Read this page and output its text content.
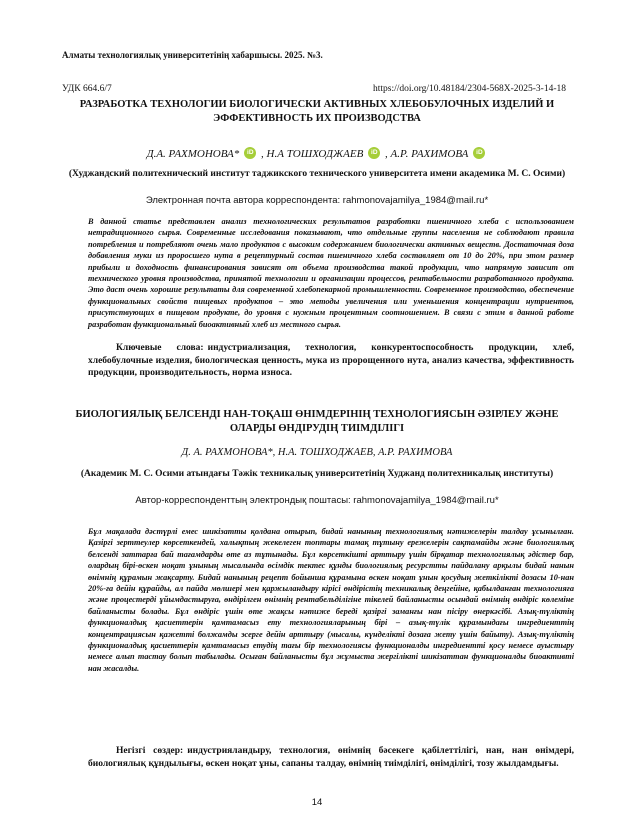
Алматы технологиялық университетінің хабаршысы. 2025. №3.
УДК 664.6/7	https://doi.org/10.48184/2304-568X-2025-3-14-18
РАЗРАБОТКА ТЕХНОЛОГИИ БИОЛОГИЧЕСКИ АКТИВНЫХ ХЛЕБОБУЛОЧНЫХ ИЗДЕЛИЙ И ЭФФЕКТИВНОСТЬ ИХ ПРОИЗВОДСТВА
Д.А. РАХМОНОВА* iD , Н.А ТОШХОДЖАЕВ iD , А.Р. РАХИМОВА iD
(Худжандский политехнический институт таджикского технического университета имени академика М. С. Осими)
Электронная почта автора корреспондента: rahmonovajamilya_1984@mail.ru*
В данной статье представлен анализ технологических результатов разработки пшеничного хлеба с использованием нетрадиционного сырья. Современные исследования показывают, что отдельные группы населения не соблюдают правила потребления и потребляют очень мало продуктов с высоким содержанием биологически активных веществ. Достаточная доза добавления муки из проросшего нута в рецептурный состав пшеничного хлеба составляет от 10 до 20%, при этом размер прибыли и доходность финансирования зависят от объема производства такой продукции, что напрямую зависит от технического уровня производства, принятой технологии и организации процессов, рентабельности разработанного продукта. Это даст очень хорошие результаты для современной хлебопекарной промышленности. Современное производство, обеспечение функциональных свойств пищевых продуктов – это методы увеличения или уменьшения концентрации нутриентов, присутствующих в пищевом продукте, до уровня с нужным процентным соотношением. В связи с этим в данной работе разработан функциональный биоактивный хлеб из местного сырья.
Ключевые слова: индустриализация, технология, конкурентоспособность продукции, хлеб, хлебобулочные изделия, биологическая ценность, мука из пророщенного нута, анализ качества, эффективность продукции, производительность, норма износа.
БИОЛОГИЯЛЫҚ БЕЛСЕНДІ НАН-ТОҚАШ ӨНІМДЕРІНІҢ ТЕХНОЛОГИЯСЫН ӘЗІРЛЕУ ЖӘНЕ ОЛАРДЫ ӨНДІРУДІҢ ТИІМДІЛІГІ
Д. А. РАХМОНОВА*, Н.А. ТОШХОДЖАЕВ, А.Р. РАХИМОВА
(Академик М. С. Осими атындағы Тәжік техникалық университетінің Худжанд политехникалық институты)
Автор-корреспонденттың электрондық поштасы: rahmonovajamilya_1984@mail.ru*
Бұл мақалада дәстүрлі емес шикізатты қолдана отырып, бидай нанының технологиялық нәтижелерін талдау ұсынылған. Қазіргі зерттеулер көрсеткендей, халықтың жекелеген топтары тамақ тұтыну ережелерін сақтамайды және биологиялық белсенді заттарға бай тағамдарды өте аз тұтынады. Бұл көрсеткішті арттыру үшін бірқатар технологиялық әдістер бар, олардың бірі-өскен ноқат ұнының мысалында өсімдік тектес құнды биологиялық ресурстты пайдалану арқылы бидай нанын өнімнің құрамын жақсарту. Бидай нанының рецепт бойынша құрамына өскен ноқат ұнын қосудың жеткілікті дозасы 10-нан 20%-ға дейін құрайды, ал пайда мөлшері мен қаржыландыру кірісі өндірістің техникалық деңгейіне, қабылданған технологияға және процестерді ұйымдастыруға, өндірілген өнімнің рентабельділігіне тікелей байланысты осындай өнімнің өндіріс көлеміне байланысты болады. Бұл өндіріс үшін өте жақсы нәтиже береді қазіргі заманғы нан пісіру өнеркәсібі. Азық-түліктің функционалдық қасиеттерін қамтамасыз ету технологияларының бірі – азық-түлік құрамындағы ингредиенттің концентрациясын қажетті болжамды эсерге дейін арттыру (мысалы, күнделікті дозаға жету үшін байыту). Азық-түліктің функционалдық қасиеттерін қамтамасыз етудің тағы бір технологиясы функционалды ингредиентті қосу немесе ауыстыру немесе алып тастау болып табылады. Осыған байланысты бұл жұмыста жергілікті шикізаттан функционалды биоактивті нан жасалды.
Негізгі сөздер: индустрияландыру, технология, өнімнің бәсекеге қабілеттілігі, нан, нан өнімдері, биологиялық құндылығы, өскен ноқат ұны, сапаны талдау, өнімнің тиімділігі, өнімділігі, тозу жылдамдығы.
14
